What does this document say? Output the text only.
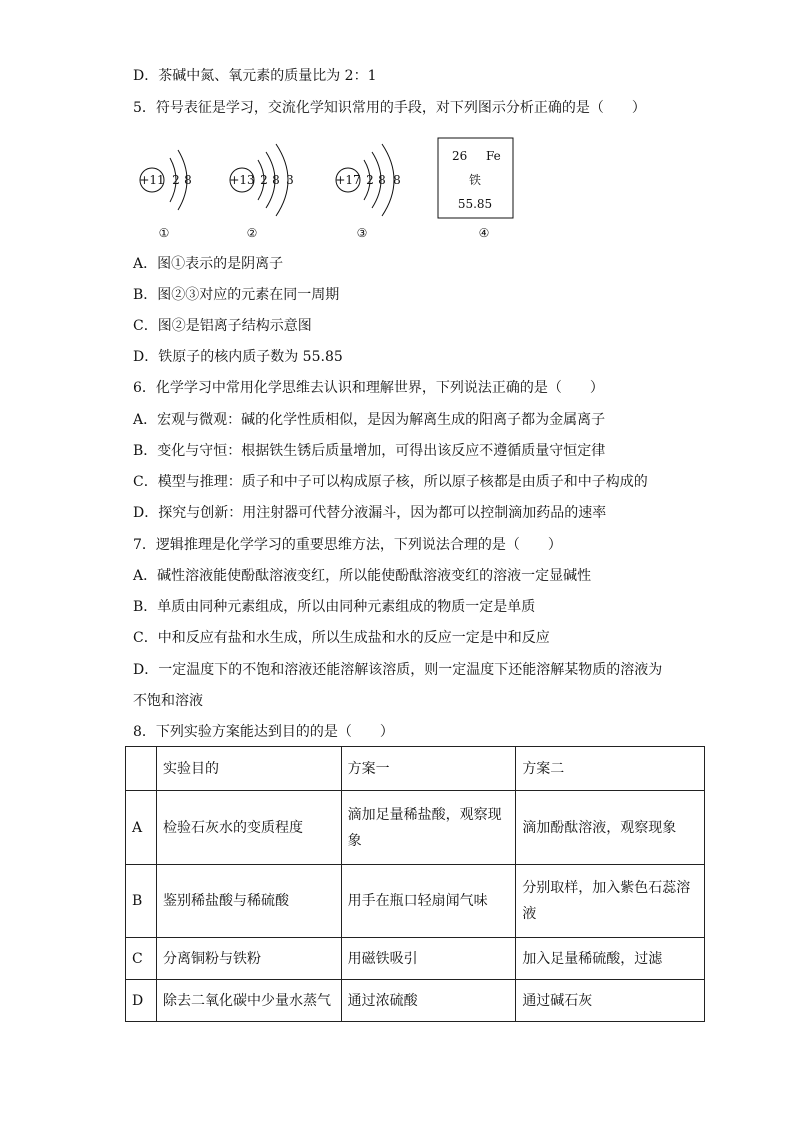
D．茶碱中氮、氧元素的质量比为 2：1
5．符号表征是学习，交流化学知识常用的手段，对下列图示分析正确的是（　　）
+11 2 8
①
+13 2 8 3
②
+17 2 8 8
③
26 Fe
铁
55.85
④
A．图①表示的是阴离子
B．图②③对应的元素在同一周期
C．图②是铝离子结构示意图
D．铁原子的核内质子数为 55.85
6．化学学习中常用化学思维去认识和理解世界，下列说法正确的是（　　）
A．宏观与微观：碱的化学性质相似，是因为解离生成的阳离子都为金属离子
B．变化与守恒：根据铁生锈后质量增加，可得出该反应不遵循质量守恒定律
C．模型与推理：质子和中子可以构成原子核，所以原子核都是由质子和中子构成的
D．探究与创新：用注射器可代替分液漏斗，因为都可以控制滴加药品的速率
7．逻辑推理是化学学习的重要思维方法，下列说法合理的是（　　）
A．碱性溶液能使酚酞溶液变红，所以能使酚酞溶液变红的溶液一定显碱性
B．单质由同种元素组成，所以由同种元素组成的物质一定是单质
C．中和反应有盐和水生成，所以生成盐和水的反应一定是中和反应
D．一定温度下的不饱和溶液还能溶解该溶质，则一定温度下还能溶解某物质的溶液为
不饱和溶液
8．下列实验方案能达到目的的是（　　）
	实验目的	方案一	方案二
A	检验石灰水的变质程度	滴加足量稀盐酸，观察现象	滴加酚酞溶液，观察现象
B	鉴别稀盐酸与稀硫酸	用手在瓶口轻扇闻气味	分别取样，加入紫色石蕊溶液
C	分离铜粉与铁粉	用磁铁吸引	加入足量稀硫酸，过滤
D	除去二氧化碳中少量水蒸气	通过浓硫酸	通过碱石灰
